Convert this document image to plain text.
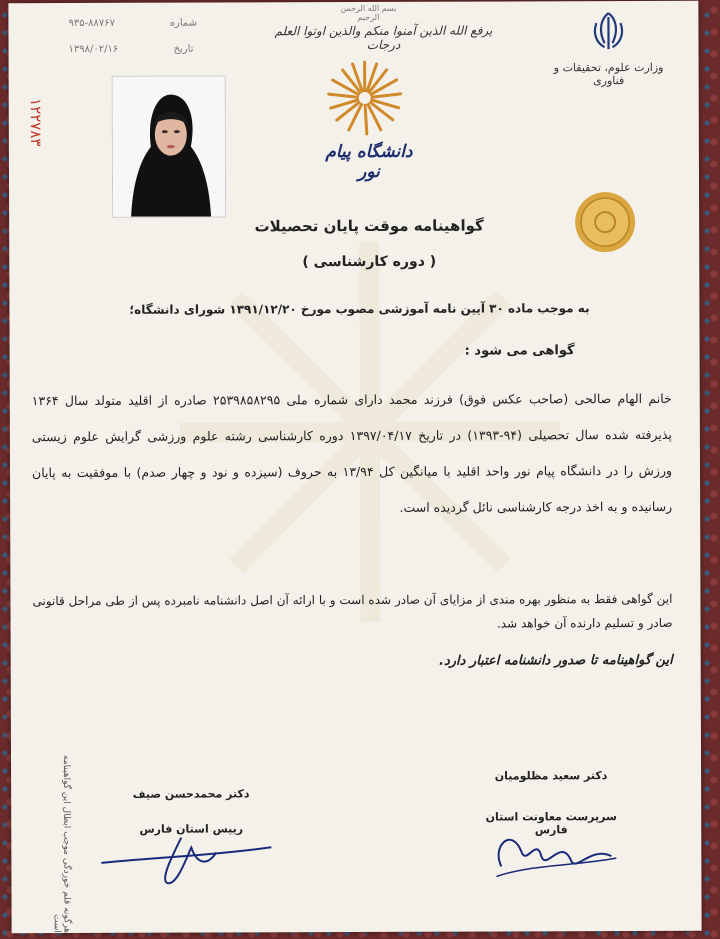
۱۲۲۷۸۳
۹۳۵-۸۸۷۶۷
۱۳۹۸/۰۲/۱۶
شماره
تاریخ
بسم الله الرحمن الرحیم
یرفع الله الذین آمنوا منکم والذین اوتوا العلم درجات
وزارت علوم، تحقیقات و فناوری
دانشگاه پیام نور
گواهینامه موقت پایان تحصیلات
( دوره کارشناسی )
به موجب ماده ۳۰ آیین نامه آموزشی مصوب مورخ ۱۳۹۱/۱۲/۲۰ شورای دانشگاه؛
گواهی می شود :
خانم الهام صالحی (صاحب عکس فوق) فرزند محمد دارای شماره ملی ۲۵۳۹۸۵۸۲۹۵ صادره از اقلید متولد سال ۱۳۶۴ پذیرفته شده سال تحصیلی (۹۴-۱۳۹۳) در تاریخ ۱۳۹۷/۰۴/۱۷ دوره کارشناسی رشته علوم ورزشی گرایش علوم زیستی ورزش را در دانشگاه پیام نور واحد اقلید با میانگین کل ۱۳/۹۴ به حروف (سیزده و نود و چهار صدم) با موفقیت به پایان رسانیده و به اخذ درجه کارشناسی نائل گردیده است.
این گواهی فقط به منظور بهره مندی از مزایای آن صادر شده است و با ارائه آن اصل دانشنامه نامبرده پس از طی مراحل قانونی صادر و تسلیم دارنده آن خواهد شد.
این گواهینامه تا صدور دانشنامه اعتبار دارد.
دکتر سعید مظلومیان
سرپرست معاونت استان فارس
دکتر محمدحسن صیف
رییس استان فارس
هرگونه قلم خوردگی موجب ابطال این گواهینامه است
